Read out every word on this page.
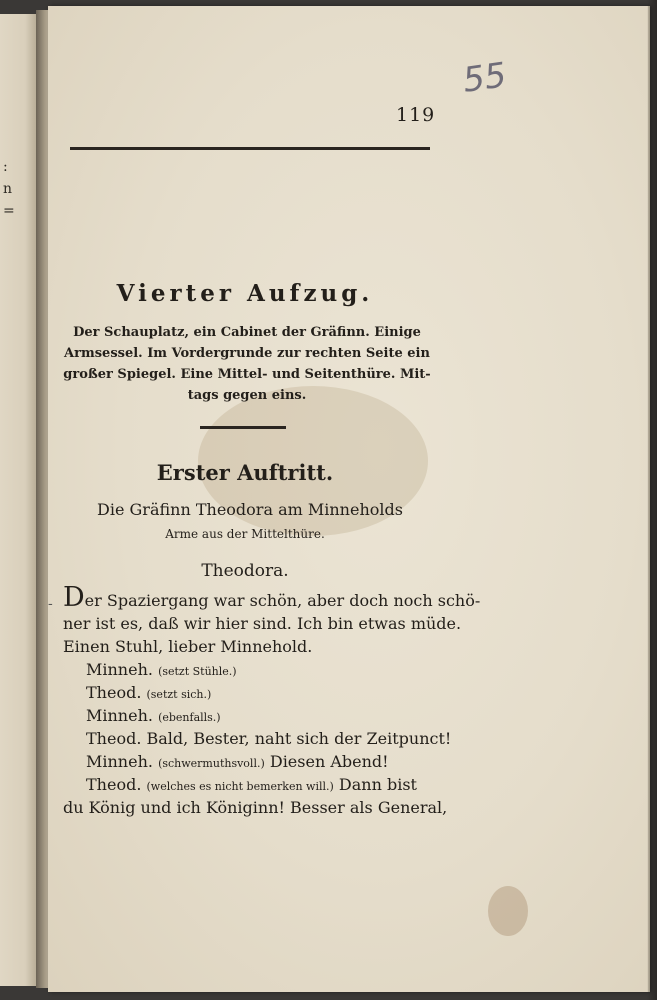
:
n
=
55
119
Vierter Aufzug.
Der Schauplatz, ein Cabinet der Gräfinn. Einige
Armsessel. Im Vordergrunde zur rechten Seite ein
großer Spiegel. Eine Mittel- und Seitenthüre. Mit-
tags gegen eins.
Erster Auftritt.
Die Gräfinn Theodora am Minneholds
Arme aus der Mittelthüre.
Theodora.
- Der Spaziergang war schön, aber doch noch schö-
ner ist es, daß wir hier sind. Ich bin etwas müde.
Einen Stuhl, lieber Minnehold.
Minneh. (setzt Stühle.)
Theod. (setzt sich.)
Minneh. (ebenfalls.)
Theod. Bald, Bester, naht sich der Zeitpunct!
Minneh. (schwermuthsvoll.) Diesen Abend!
Theod. (welches es nicht bemerken will.) Dann bist
du König und ich Königinn! Besser als General,
